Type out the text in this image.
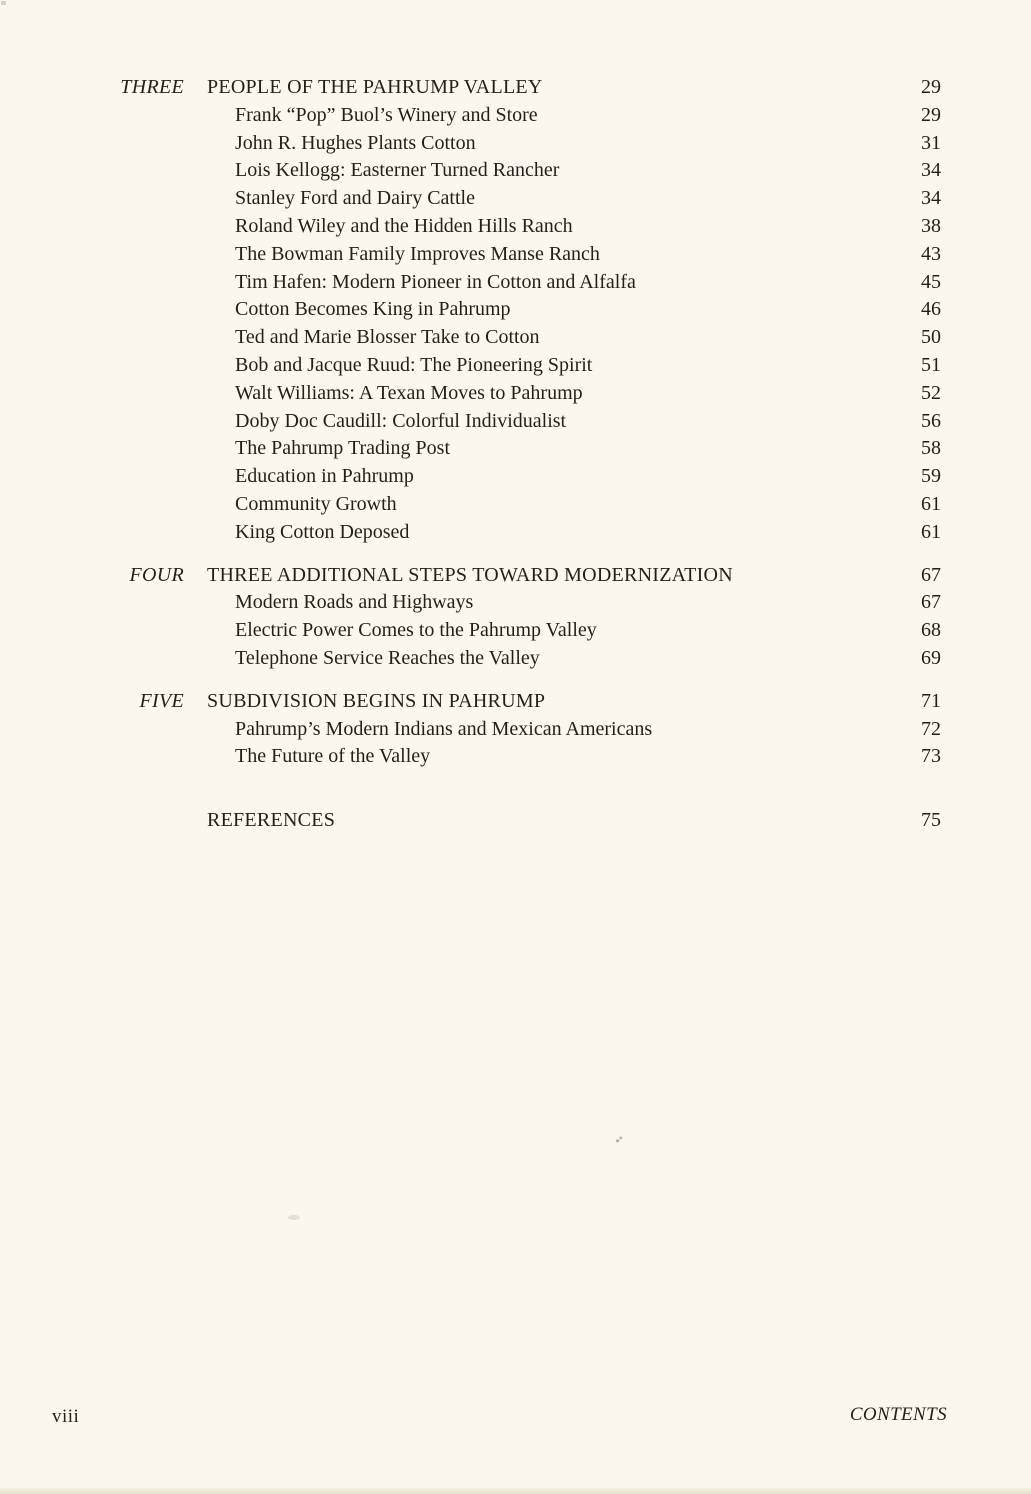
THREE PEOPLE OF THE PAHRUMP VALLEY	29
Frank “Pop” Buol’s Winery and Store	29
John R. Hughes Plants Cotton	31
Lois Kellogg: Easterner Turned Rancher	34
Stanley Ford and Dairy Cattle	34
Roland Wiley and the Hidden Hills Ranch	38
The Bowman Family Improves Manse Ranch	43
Tim Hafen: Modern Pioneer in Cotton and Alfalfa	45
Cotton Becomes King in Pahrump	46
Ted and Marie Blosser Take to Cotton	50
Bob and Jacque Ruud: The Pioneering Spirit	51
Walt Williams: A Texan Moves to Pahrump	52
Doby Doc Caudill: Colorful Individualist	56
The Pahrump Trading Post	58
Education in Pahrump	59
Community Growth	61
King Cotton Deposed	61
FOUR THREE ADDITIONAL STEPS TOWARD MODERNIZATION	67
Modern Roads and Highways	67
Electric Power Comes to the Pahrump Valley	68
Telephone Service Reaches the Valley	69
FIVE SUBDIVISION BEGINS IN PAHRUMP	71
Pahrump’s Modern Indians and Mexican Americans	72
The Future of the Valley	73
REFERENCES	75
viii	CONTENTS
